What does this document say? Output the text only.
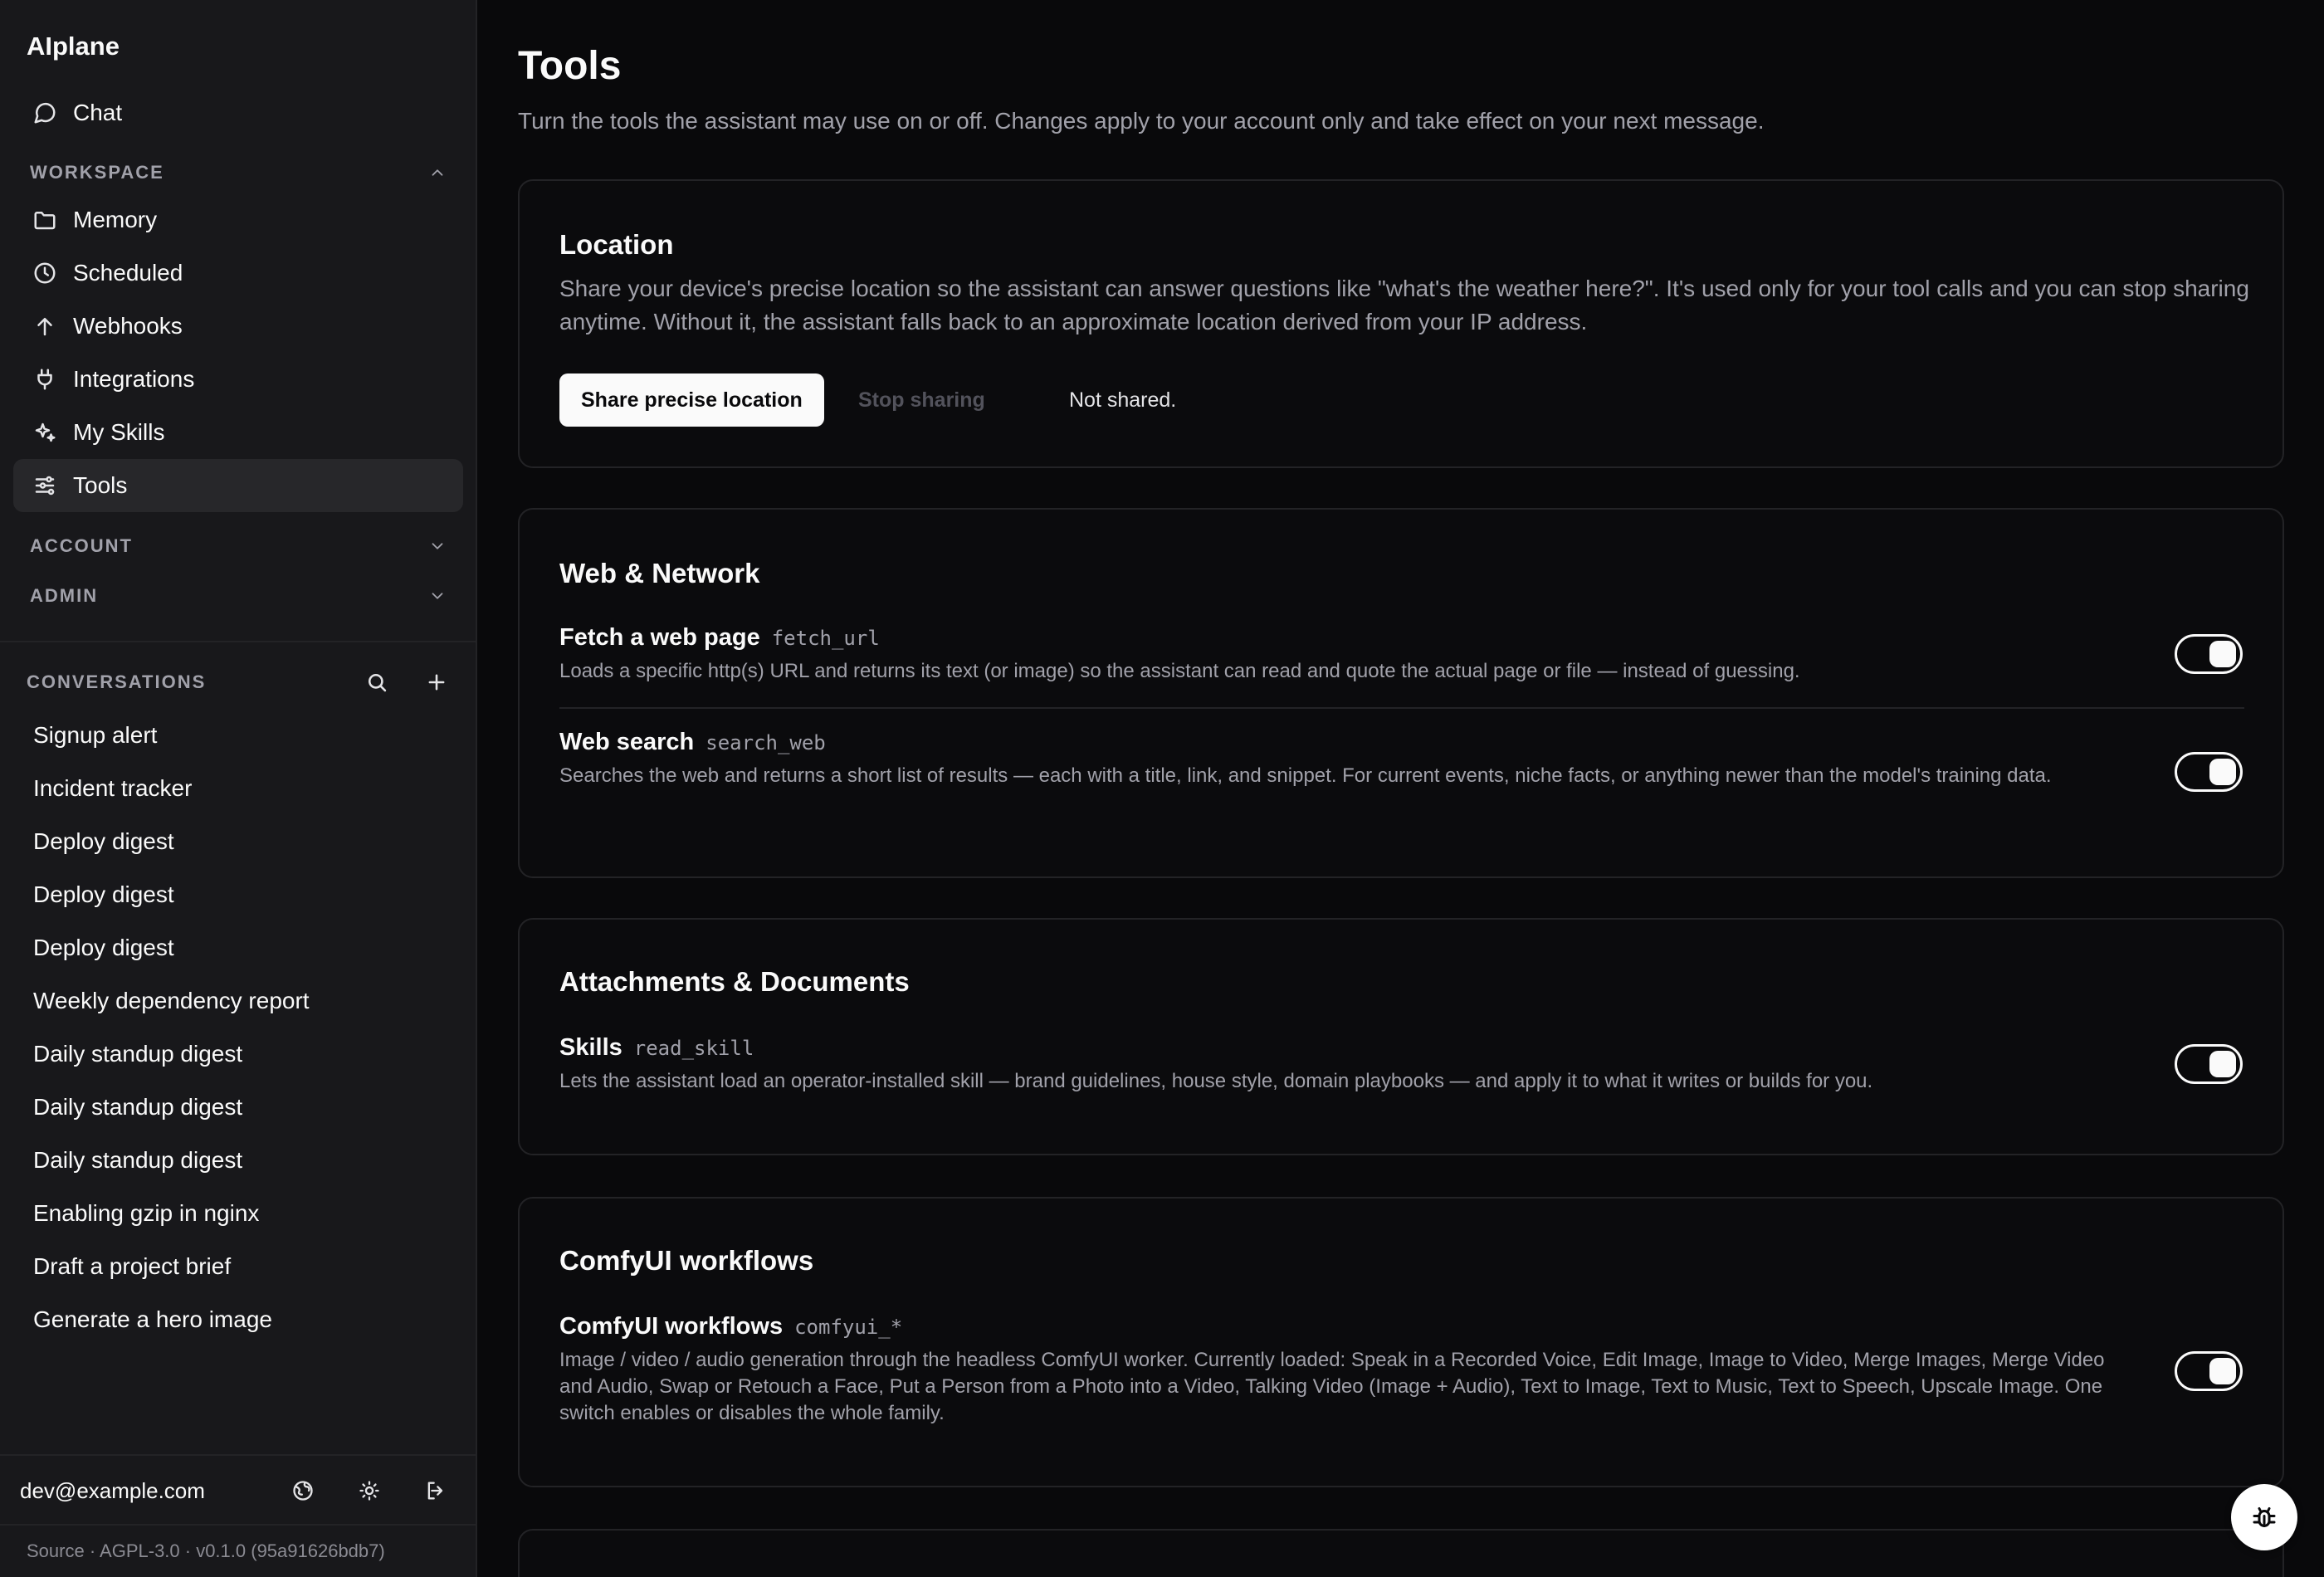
AIplane
Chat
WORKSPACE
Memory
Scheduled
Webhooks
Integrations
My Skills
Tools
ACCOUNT
ADMIN
CONVERSATIONS
Signup alert
Incident tracker
Deploy digest
Deploy digest
Deploy digest
Weekly dependency report
Daily standup digest
Daily standup digest
Daily standup digest
Enabling gzip in nginx
Draft a project brief
Generate a hero image
dev@example.com
Source · AGPL-3.0 · v0.1.0 (95a91626bdb7)
Tools

Turn the tools the assistant may use on or off. Changes apply to your account only and take effect on your next message.

Location

Share your device's precise location so the assistant can answer questions like "what's the weather here?". It's used only for your tool calls and you can stop sharing anytime. Without it, the assistant falls back to an approximate location derived from your IP address.

Share precise location	Stop sharing	Not shared.
Web & Network
Fetch a web page fetch_url
Loads a specific http(s) URL and returns its text (or image) so the assistant can read and quote the actual page or file — instead of guessing.
Web search search_web
Searches the web and returns a short list of results — each with a title, link, and snippet. For current events, niche facts, or anything newer than the model's training data.
Attachments & Documents
Skills read_skill
Lets the assistant load an operator-installed skill — brand guidelines, house style, domain playbooks — and apply it to what it writes or builds for you.
ComfyUI workflows
ComfyUI workflows comfyui_*
Image / video / audio generation through the headless ComfyUI worker. Currently loaded: Speak in a Recorded Voice, Edit Image, Image to Video, Merge Images, Merge Video and Audio, Swap or Retouch a Face, Put a Person from a Photo into a Video, Talking Video (Image + Audio), Text to Image, Text to Music, Text to Speech, Upscale Image. One switch enables or disables the whole family.
